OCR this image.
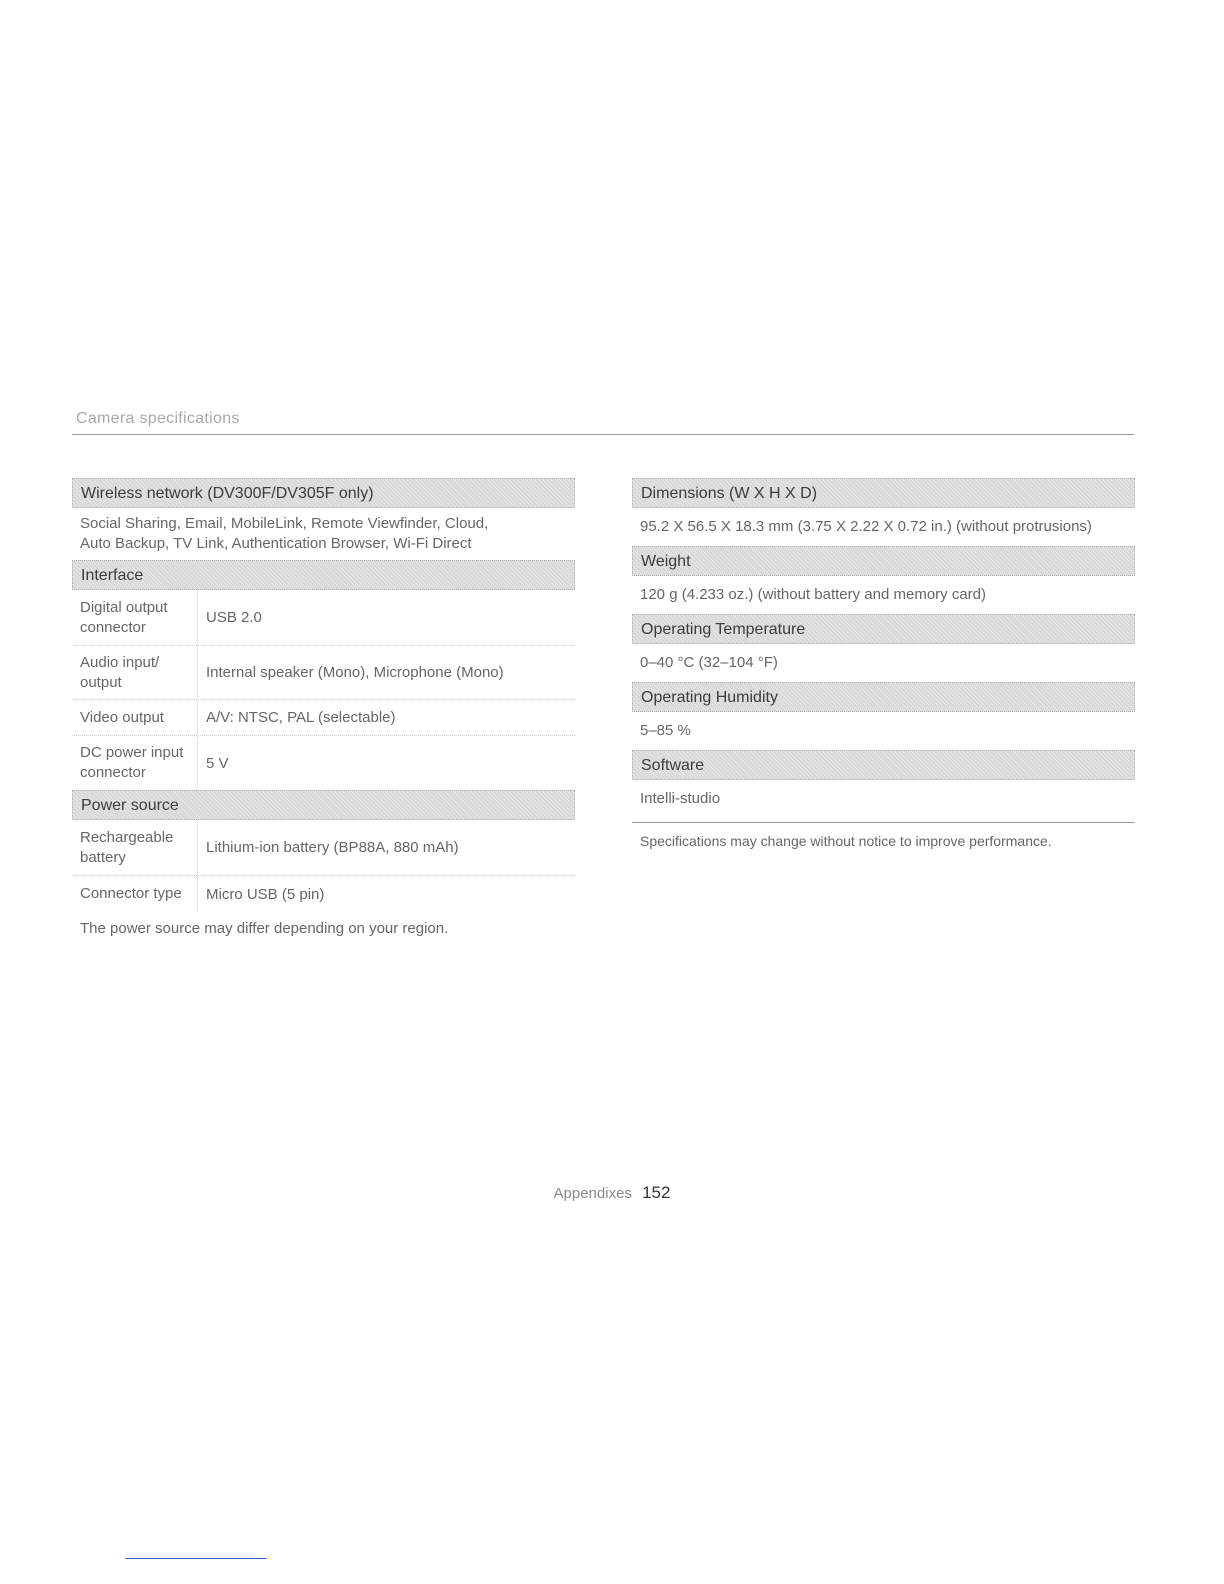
Camera specifications
Wireless network (DV300F/DV305F only)
Social Sharing, Email, MobileLink, Remote Viewfinder, Cloud,
Auto Backup, TV Link, Authentication Browser, Wi-Fi Direct
Interface
Digital output
connector
USB 2.0
Audio input/
output
Internal speaker (Mono), Microphone (Mono)
Video output	A/V: NTSC, PAL (selectable)
DC power input
connector
5 V
Power source
Rechargeable
battery
Lithium-ion battery (BP88A, 880 mAh)
Connector type	Micro USB (5 pin)
The power source may differ depending on your region.
Dimensions (W X H X D)
95.2 X 56.5 X 18.3 mm (3.75 X 2.22 X 0.72 in.) (without protrusions)
Weight
120 g (4.233 oz.) (without battery and memory card)
Operating Temperature
0–40 °C (32–104 °F)
Operating Humidity
5–85 %
Software
Intelli-studio
Specifications may change without notice to improve performance.
Appendixes 152
